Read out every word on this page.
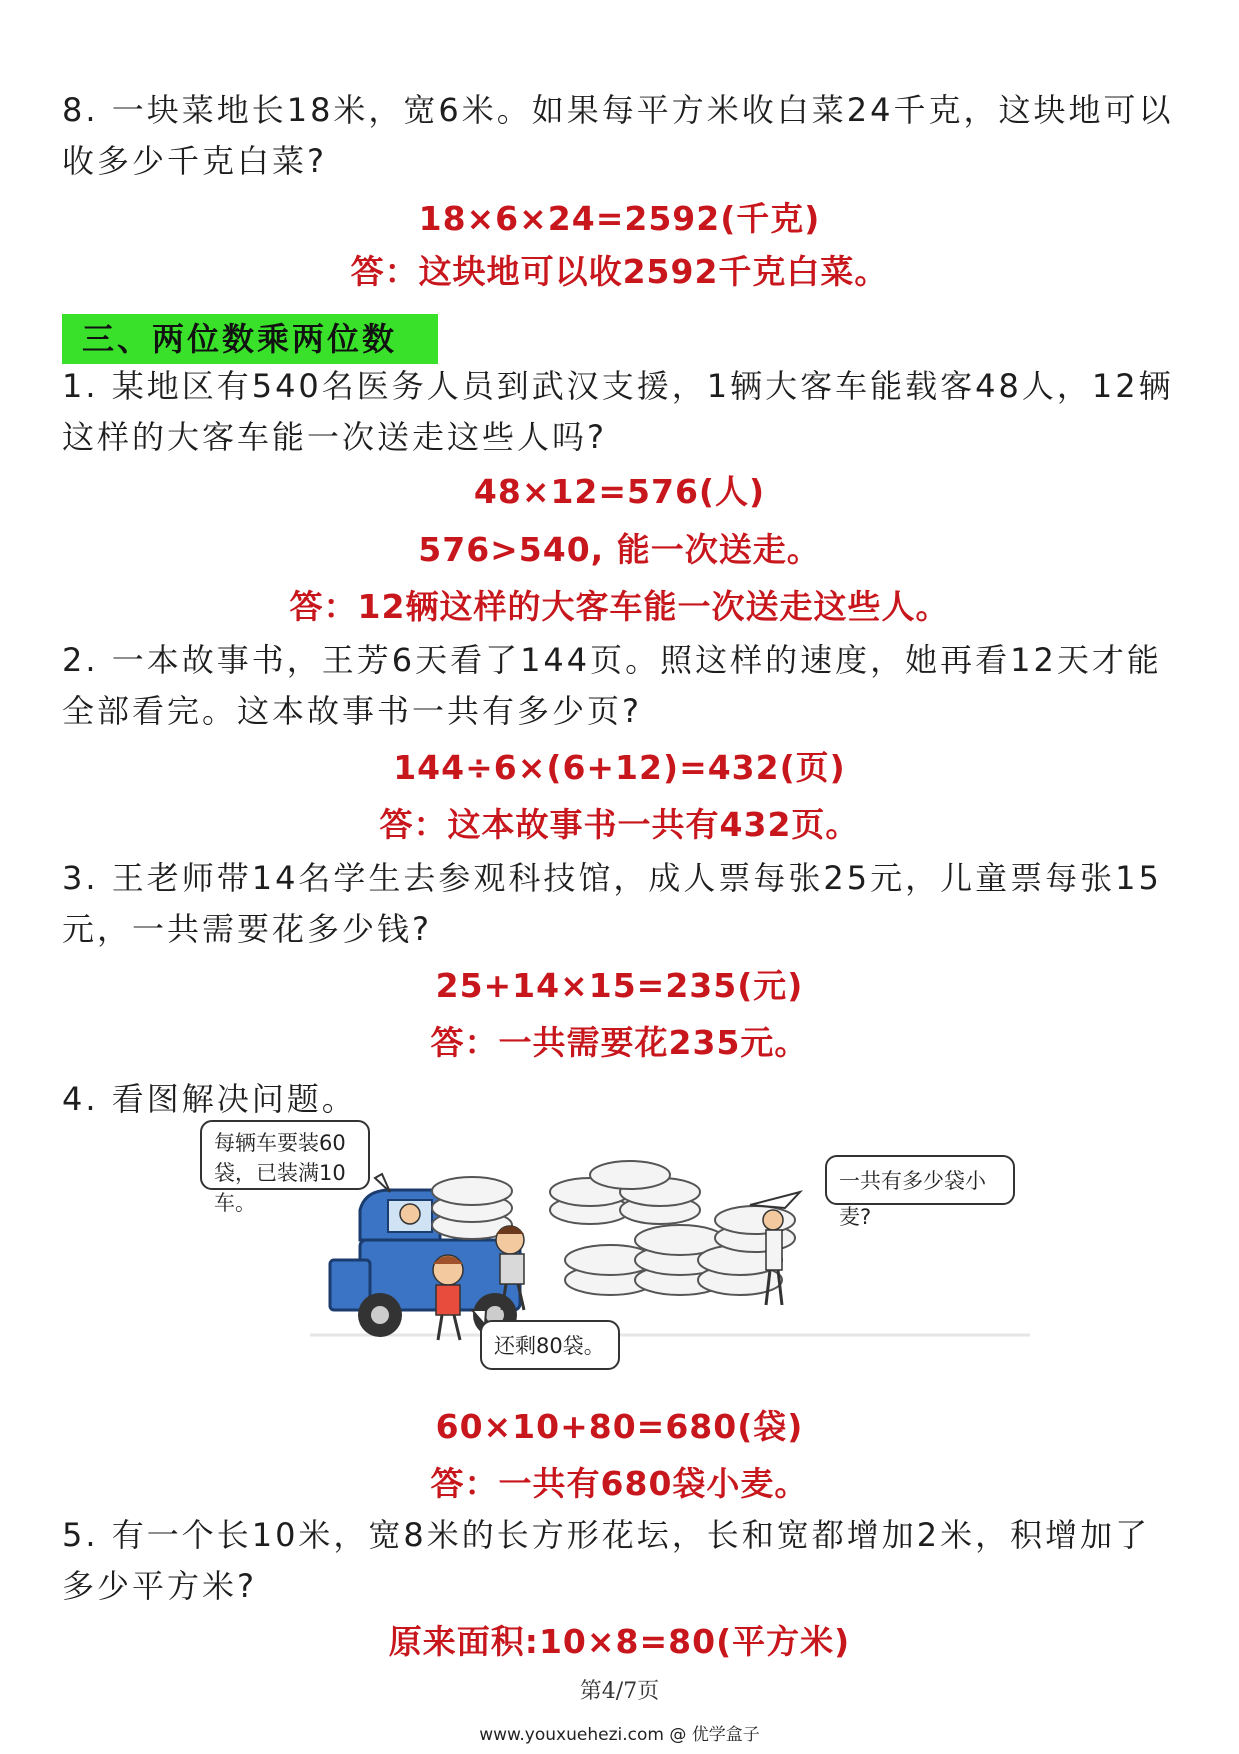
8. 一块菜地长18米，宽6米。如果每平方米收白菜24千克，这块地可以收多少千克白菜?
18×6×24=2592(千克)
答：这块地可以收2592千克白菜。
三、两位数乘两位数
1. 某地区有540名医务人员到武汉支援，1辆大客车能载客48人，12辆这样的大客车能一次送走这些人吗?
48×12=576(人)
576>540, 能一次送走。
答：12辆这样的大客车能一次送走这些人。
2. 一本故事书，王芳6天看了144页。照这样的速度，她再看12天才能全部看完。这本故事书一共有多少页?
144÷6×(6+12)=432(页)
答：这本故事书一共有432页。
3. 王老师带14名学生去参观科技馆，成人票每张25元，儿童票每张15元，一共需要花多少钱?
25+14×15=235(元)
答：一共需要花235元。
4. 看图解决问题。
每辆车要装60袋，已装满10车。
一共有多少袋小麦?
还剩80袋。
60×10+80=680(袋)
答：一共有680袋小麦。
5. 有一个长10米，宽8米的长方形花坛，长和宽都增加2米，积增加了多少平方米?
原来面积:10×8=80(平方米)
第4/7页
www.youxuehezi.com @ 优学盒子
